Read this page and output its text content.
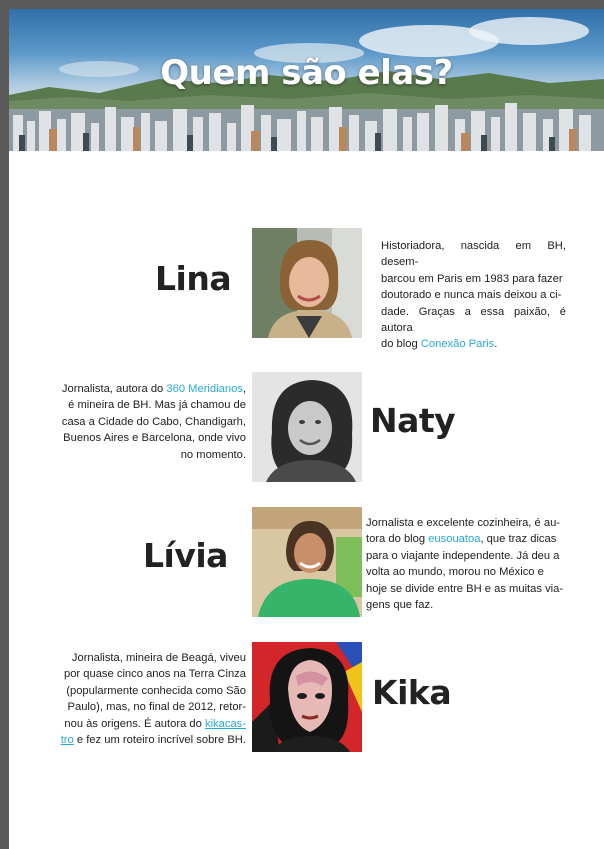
Quem são elas?
Lina
Historiadora, nascida em BH, desem-
barcou em Paris em 1983 para fazer
doutorado e nunca mais deixou a ci-
dade. Graças a essa paixão, é autora
do blog Conexão Paris.
Jornalista, autora do 360 Meridianos,
é mineira de BH. Mas já chamou de
casa a Cidade do Cabo, Chandigarh,
Buenos Aires e Barcelona, onde vivo
no momento.
Naty
Lívia
Jornalista e excelente cozinheira, é au-
tora do blog eusouatoa, que traz dicas
para o viajante independente. Já deu a
volta ao mundo, morou no México e
hoje se divide entre BH e as muitas via-
gens que faz.
Jornalista, mineira de Beagá, viveu
por quase cinco anos na Terra Cinza
(popularmente conhecida como São
Paulo), mas, no final de 2012, retor-
nou às origens. É autora do kikacas-
tro e fez um roteiro incrível sobre BH.
Kika
